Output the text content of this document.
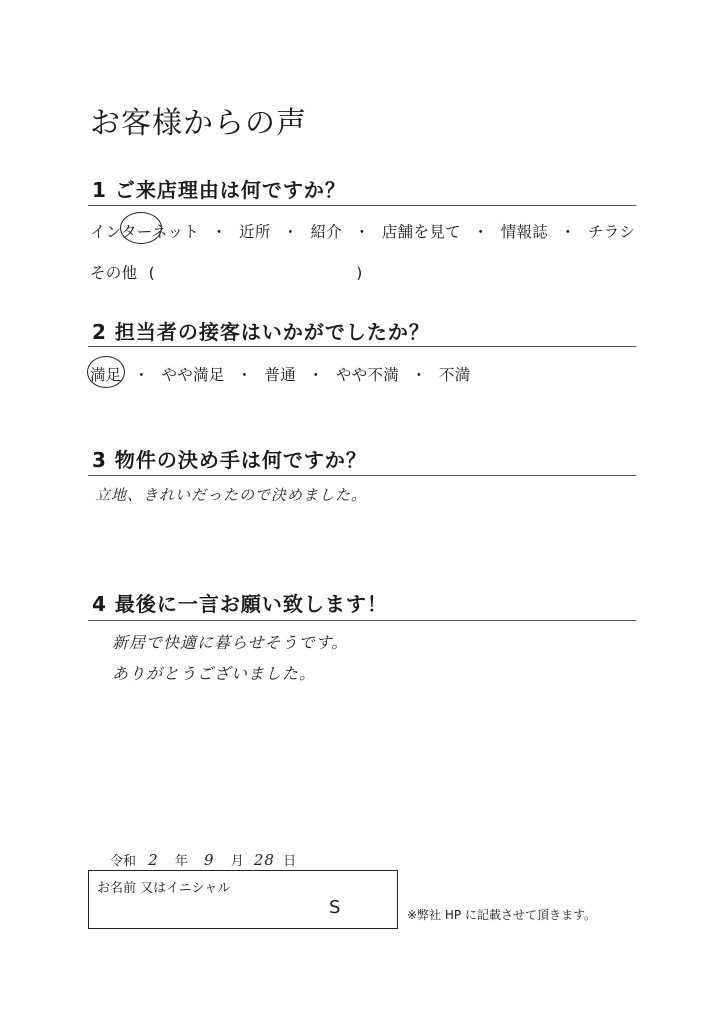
お客様からの声
1 ご来店理由は何ですか？
インターネット ・ 近所 ・ 紹介 ・ 店舗を見て ・ 情報誌 ・ チラシ
その他 (	)
2 担当者の接客はいかがでしたか？
満足 ・ やや満足 ・ 普通 ・ やや不満 ・ 不満
3 物件の決め手は何ですか？
立地、きれいだったので決めました。
4 最後に一言お願い致します！
新居で快適に暮らせそうです。
ありがとうございました。
令和 2 年 9 月 28 日
お名前 又はイニシャル
S	※弊社 HP に記載させて頂きます。
